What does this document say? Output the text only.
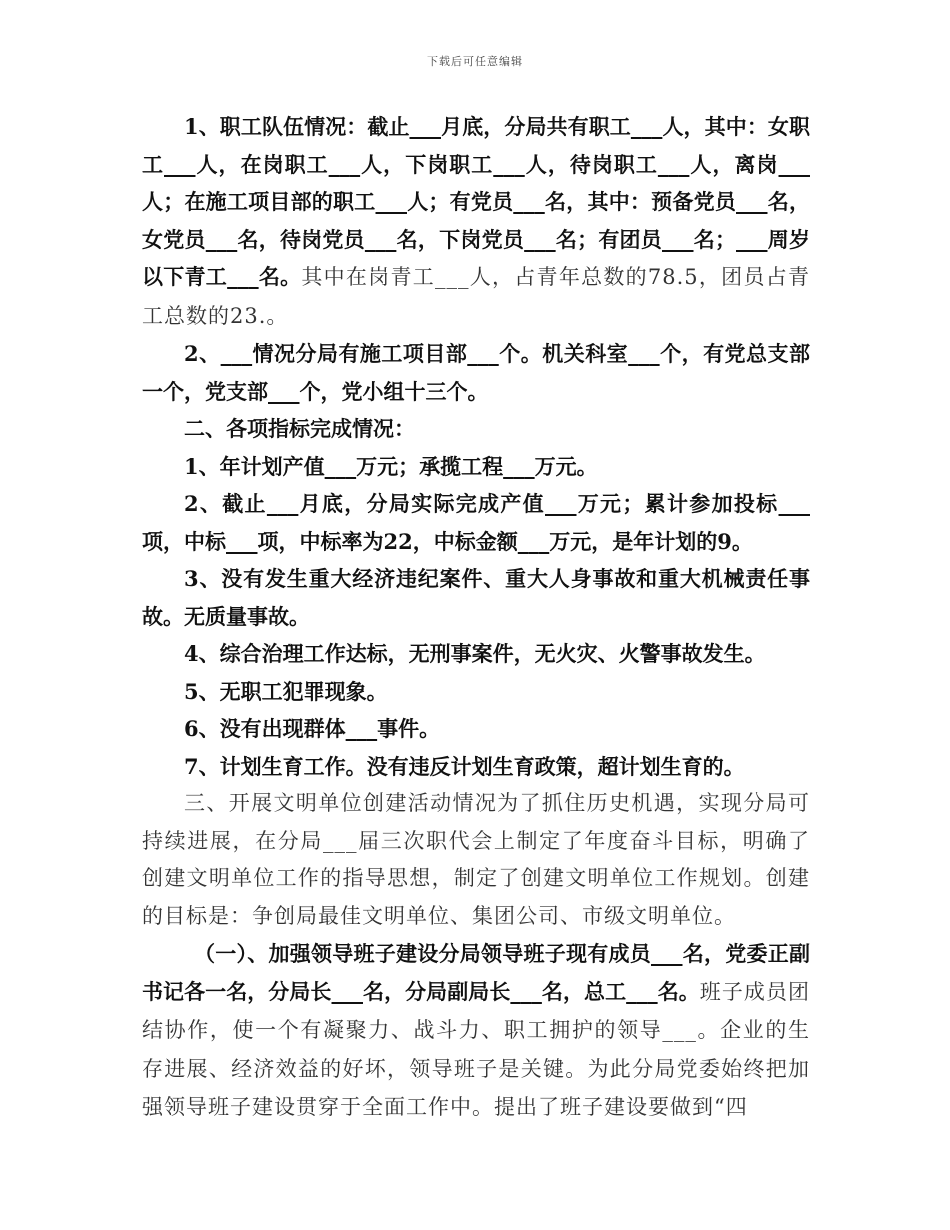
下载后可任意编辑

1、职工队伍情况：截止___月底，分局共有职工___人，其中：女职工___人，在岗职工___人，下岗职工___人，待岗职工___人，离岗___人；在施工项目部的职工___人；有党员___名，其中：预备党员___名，女党员___名，待岗党员___名，下岗党员___名；有团员___名；___周岁以下青工___名。其中在岗青工___人，占青年总数的78.5，团员占青工总数的23.。

2、___情况分局有施工项目部___个。机关科室___个，有党总支部一个，党支部___个，党小组十三个。

二、各项指标完成情况：

1、年计划产值___万元；承揽工程___万元。

2、截止___月底，分局实际完成产值___万元；累计参加投标___项，中标___项，中标率为22，中标金额___万元，是年计划的9。

3、没有发生重大经济违纪案件、重大人身事故和重大机械责任事故。无质量事故。

4、综合治理工作达标，无刑事案件，无火灾、火警事故发生。

5、无职工犯罪现象。

6、没有出现群体___事件。

7、计划生育工作。没有违反计划生育政策，超计划生育的。

三、开展文明单位创建活动情况为了抓住历史机遇，实现分局可持续进展，在分局___届三次职代会上制定了年度奋斗目标，明确了创建文明单位工作的指导思想，制定了创建文明单位工作规划。创建的目标是：争创局最佳文明单位、集团公司、市级文明单位。

（一）、加强领导班子建设分局领导班子现有成员___名，党委正副书记各一名，分局长___名，分局副局长___名，总工___名。班子成员团结协作，使一个有凝聚力、战斗力、职工拥护的领导___。企业的生存进展、经济效益的好坏，领导班子是关键。为此分局党委始终把加强领导班子建设贯穿于全面工作中。提出了班子建设要做到“四
